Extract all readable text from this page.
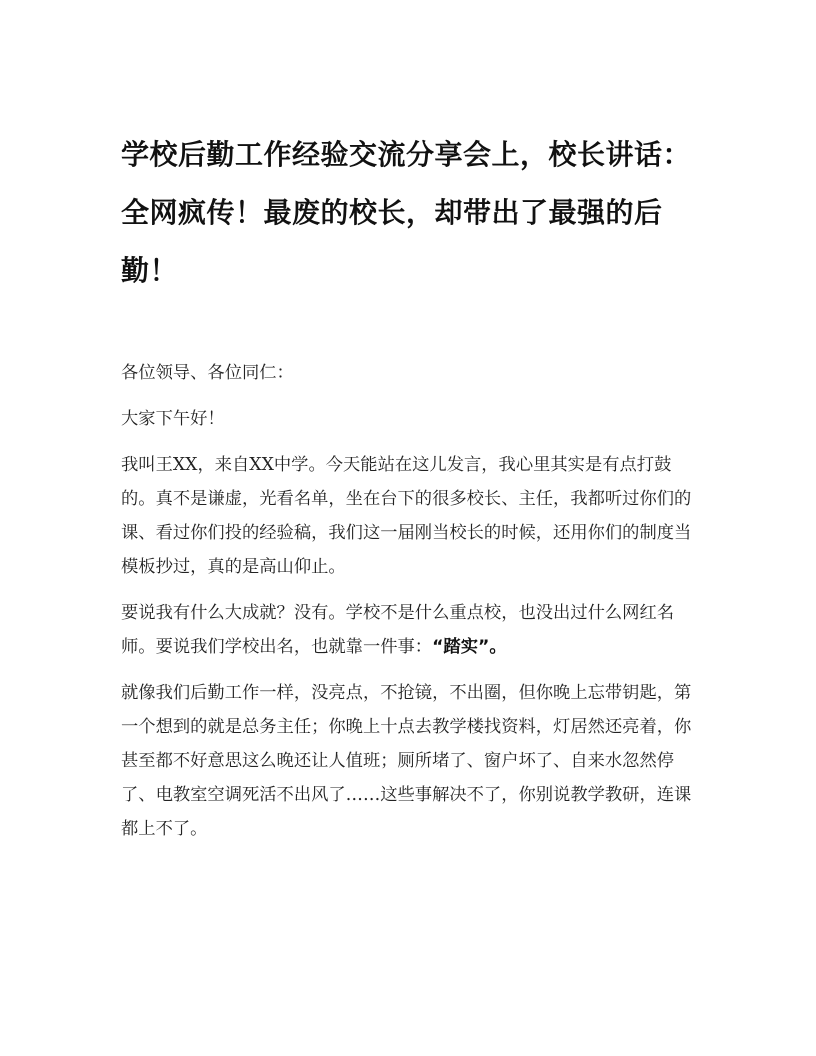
学校后勤工作经验交流分享会上，校长讲话：全网疯传！最废的校长，却带出了最强的后勤！

各位领导、各位同仁：

大家下午好！

我叫王XX，来自XX中学。今天能站在这儿发言，我心里其实是有点打鼓的。真不是谦虚，光看名单，坐在台下的很多校长、主任，我都听过你们的课、看过你们投的经验稿，我们这一届刚当校长的时候，还用你们的制度当模板抄过，真的是高山仰止。

要说我有什么大成就？没有。学校不是什么重点校，也没出过什么网红名师。要说我们学校出名，也就靠一件事：“踏实”。

就像我们后勤工作一样，没亮点，不抢镜，不出圈，但你晚上忘带钥匙，第一个想到的就是总务主任；你晚上十点去教学楼找资料，灯居然还亮着，你甚至都不好意思这么晚还让人值班；厕所堵了、窗户坏了、自来水忽然停了、电教室空调死活不出风了……这些事解决不了，你别说教学教研，连课都上不了。
